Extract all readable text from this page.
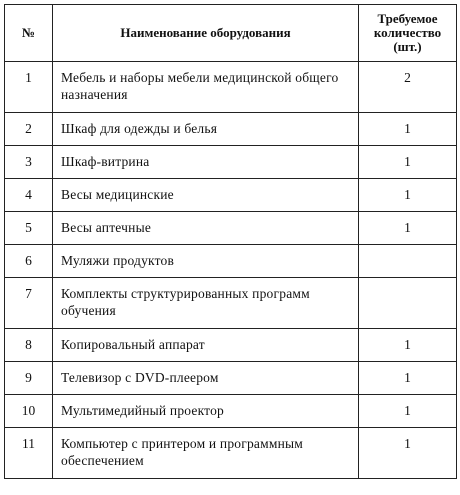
№	Наименование оборудования	Требуемое количество (шт.)
1	Мебель и наборы мебели медицинской общего назначения	2
2	Шкаф для одежды и белья	1
3	Шкаф-витрина	1
4	Весы медицинские	1
5	Весы аптечные	1
6	Муляжи продуктов	
7	Комплекты структурированных программ обучения	
8	Копировальный аппарат	1
9	Телевизор с DVD-плеером	1
10	Мультимедийный проектор	1
11	Компьютер с принтером и программным обеспечением	1
